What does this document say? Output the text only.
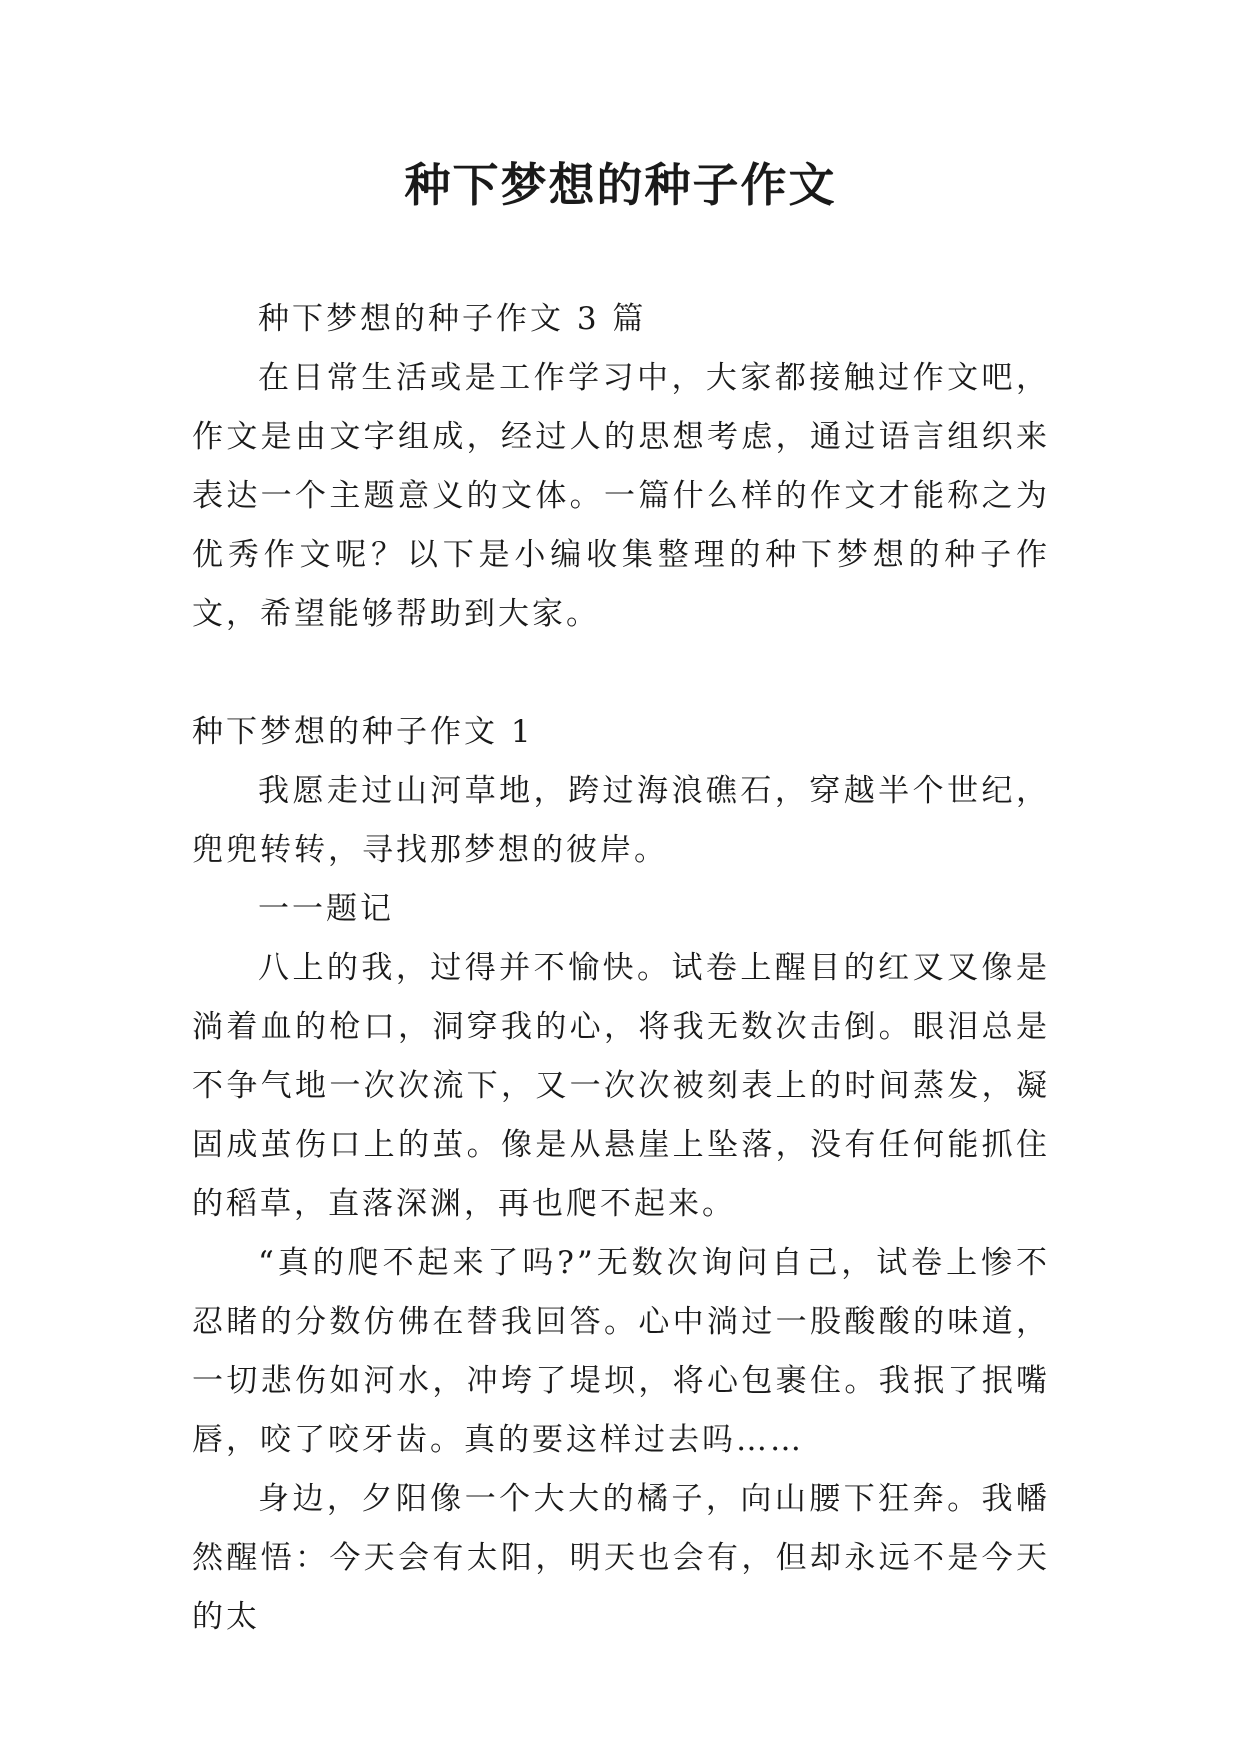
种下梦想的种子作文

种下梦想的种子作文 3 篇

在日常生活或是工作学习中，大家都接触过作文吧，作文是由文字组成，经过人的思想考虑，通过语言组织来表达一个主题意义的文体。一篇什么样的作文才能称之为优秀作文呢？以下是小编收集整理的种下梦想的种子作文，希望能够帮助到大家。

种下梦想的种子作文 1

我愿走过山河草地，跨过海浪礁石，穿越半个世纪，兜兜转转，寻找那梦想的彼岸。

一一题记

八上的我，过得并不愉快。试卷上醒目的红叉叉像是淌着血的枪口，洞穿我的心，将我无数次击倒。眼泪总是不争气地一次次流下，又一次次被刻表上的时间蒸发，凝固成茧伤口上的茧。像是从悬崖上坠落，没有任何能抓住的稻草，直落深渊，再也爬不起来。

“真的爬不起来了吗?”无数次询问自己，试卷上惨不忍睹的分数仿佛在替我回答。心中淌过一股酸酸的味道，一切悲伤如河水，冲垮了堤坝，将心包裹住。我抿了抿嘴唇，咬了咬牙齿。真的要这样过去吗……

身边，夕阳像一个大大的橘子，向山腰下狂奔。我幡然醒悟：今天会有太阳，明天也会有，但却永远不是今天的太
